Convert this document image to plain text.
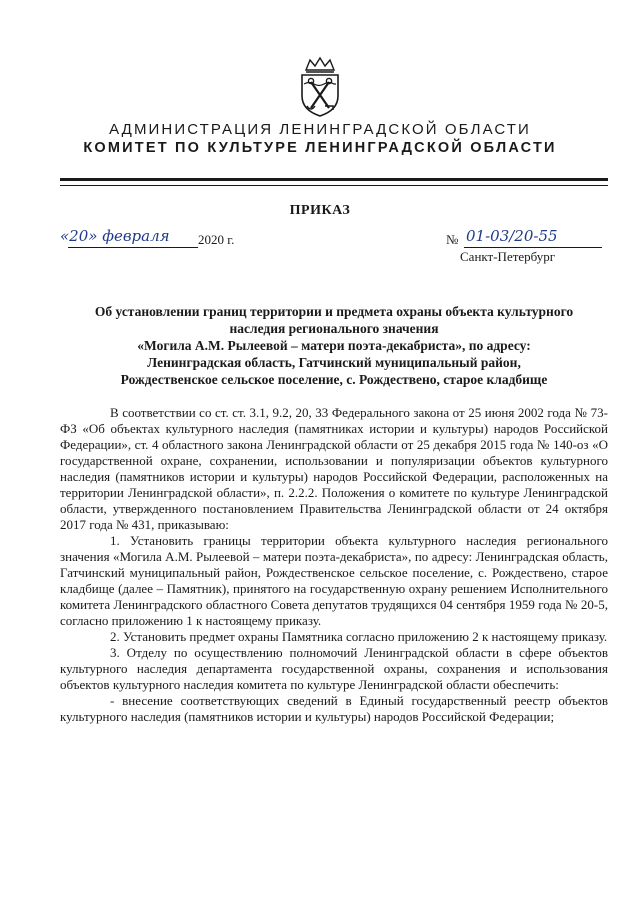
АДМИНИСТРАЦИЯ ЛЕНИНГРАДСКОЙ ОБЛАСТИ
КОМИТЕТ ПО КУЛЬТУРЕ ЛЕНИНГРАДСКОЙ ОБЛАСТИ
ПРИКАЗ
«20» февраля 2020 г.	№ 01-03/20-55
Санкт-Петербург
Об установлении границ территории и предмета охраны объекта культурного
наследия регионального значения
«Могила А.М. Рылеевой – матери поэта-декабриста», по адресу:
Ленинградская область, Гатчинский муниципальный район,
Рождественское сельское поселение, с. Рождествено, старое кладбище

В соответствии со ст. ст. 3.1, 9.2, 20, 33 Федерального закона от 25 июня 2002 года № 73-ФЗ «Об объектах культурного наследия (памятниках истории и культуры) народов Российской Федерации», ст. 4 областного закона Ленинградской области от 25 декабря 2015 года № 140-оз «О государственной охране, сохранении, использовании и популяризации объектов культурного наследия (памятников истории и культуры) народов Российской Федерации, расположенных на территории Ленинградской области», п. 2.2.2. Положения о комитете по культуре Ленинградской области, утвержденного постановлением Правительства Ленинградской области от 24 октября 2017 года № 431, приказываю:

1. Установить границы территории объекта культурного наследия регионального значения «Могила А.М. Рылеевой – матери поэта-декабриста», по адресу: Ленинградская область, Гатчинский муниципальный район, Рождественское сельское поселение, с. Рождествено, старое кладбище (далее – Памятник), принятого на государственную охрану решением Исполнительного комитета Ленинградского областного Совета депутатов трудящихся 04 сентября 1959 года № 20-5, согласно приложению 1 к настоящему приказу.

2. Установить предмет охраны Памятника согласно приложению 2 к настоящему приказу.

3. Отделу по осуществлению полномочий Ленинградской области в сфере объектов культурного наследия департамента государственной охраны, сохранения и использования объектов культурного наследия комитета по культуре Ленинградской области обеспечить:

- внесение соответствующих сведений в Единый государственный реестр объектов культурного наследия (памятников истории и культуры) народов Российской Федерации;
